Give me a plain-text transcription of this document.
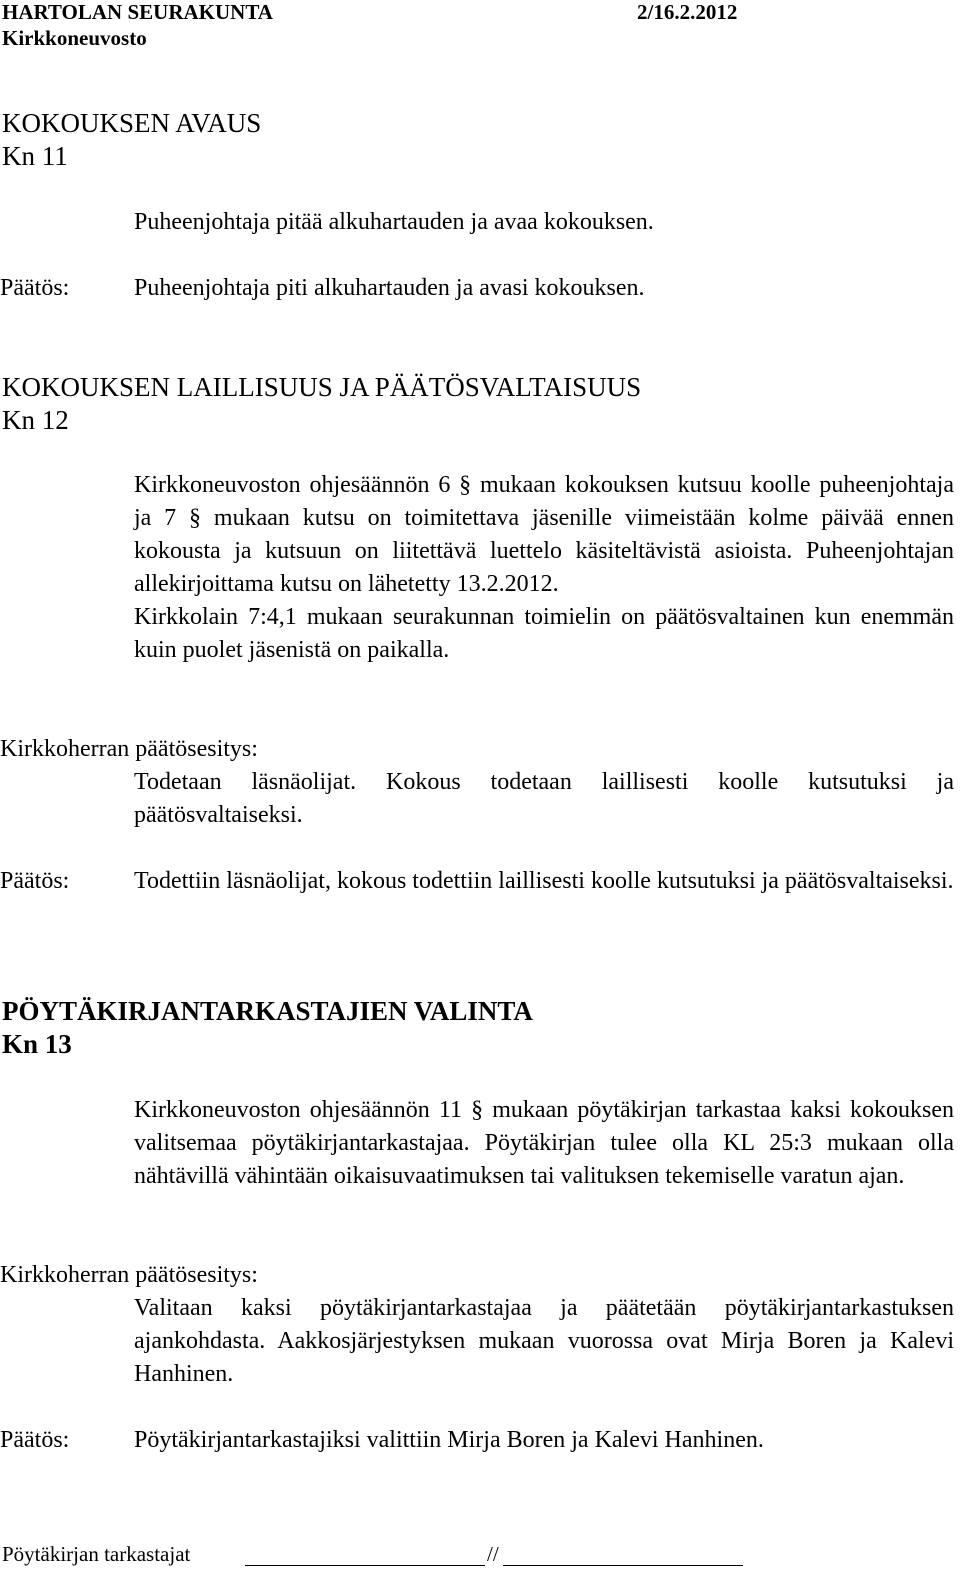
HARTOLAN SEURAKUNTA	2/16.2.2012
Kirkkoneuvosto
KOKOUKSEN AVAUS
Kn 11

Puheenjohtaja pitää alkuhartauden ja avaa kokouksen.

Päätös:	Puheenjohtaja piti alkuhartauden ja avasi kokouksen.

KOKOUKSEN LAILLISUUS JA PÄÄTÖSVALTAISUUS
Kn 12

Kirkkoneuvoston ohjesäännön 6 § mukaan kokouksen kutsuu koolle puheenjohtaja ja 7 § mukaan kutsu on toimitettava jäsenille viimeistään kolme päivää ennen kokousta ja kutsuun on liitettävä luettelo käsiteltävistä asioista. Puheenjohtajan allekirjoittama kutsu on lähetetty 13.2.2012.

Kirkkolain 7:4,1 mukaan seurakunnan toimielin on päätösvaltainen kun enemmän kuin puolet jäsenistä on paikalla.

Kirkkoherran päätösesitys:

Todetaan läsnäolijat. Kokous todetaan laillisesti koolle kutsutuksi ja päätösvaltaiseksi.

Päätös:	Todettiin läsnäolijat, kokous todettiin laillisesti koolle kutsutuksi ja päätösvaltaiseksi.

PÖYTÄKIRJANTARKASTAJIEN VALINTA
Kn 13

Kirkkoneuvoston ohjesäännön 11 § mukaan pöytäkirjan tarkastaa kaksi kokouksen valitsemaa pöytäkirjantarkastajaa. Pöytäkirjan tulee olla KL 25:3 mukaan olla nähtävillä vähintään oikaisuvaatimuksen tai valituksen tekemiselle varatun ajan.

Kirkkoherran päätösesitys:

Valitaan kaksi pöytäkirjantarkastajaa ja päätetään pöytäkirjantarkastuksen ajankohdasta. Aakkosjärjestyksen mukaan vuorossa ovat Mirja Boren ja Kalevi Hanhinen.

Päätös:	Pöytäkirjantarkastajiksi valittiin Mirja Boren ja Kalevi Hanhinen.

Pöytäkirjan tarkastajat	//
